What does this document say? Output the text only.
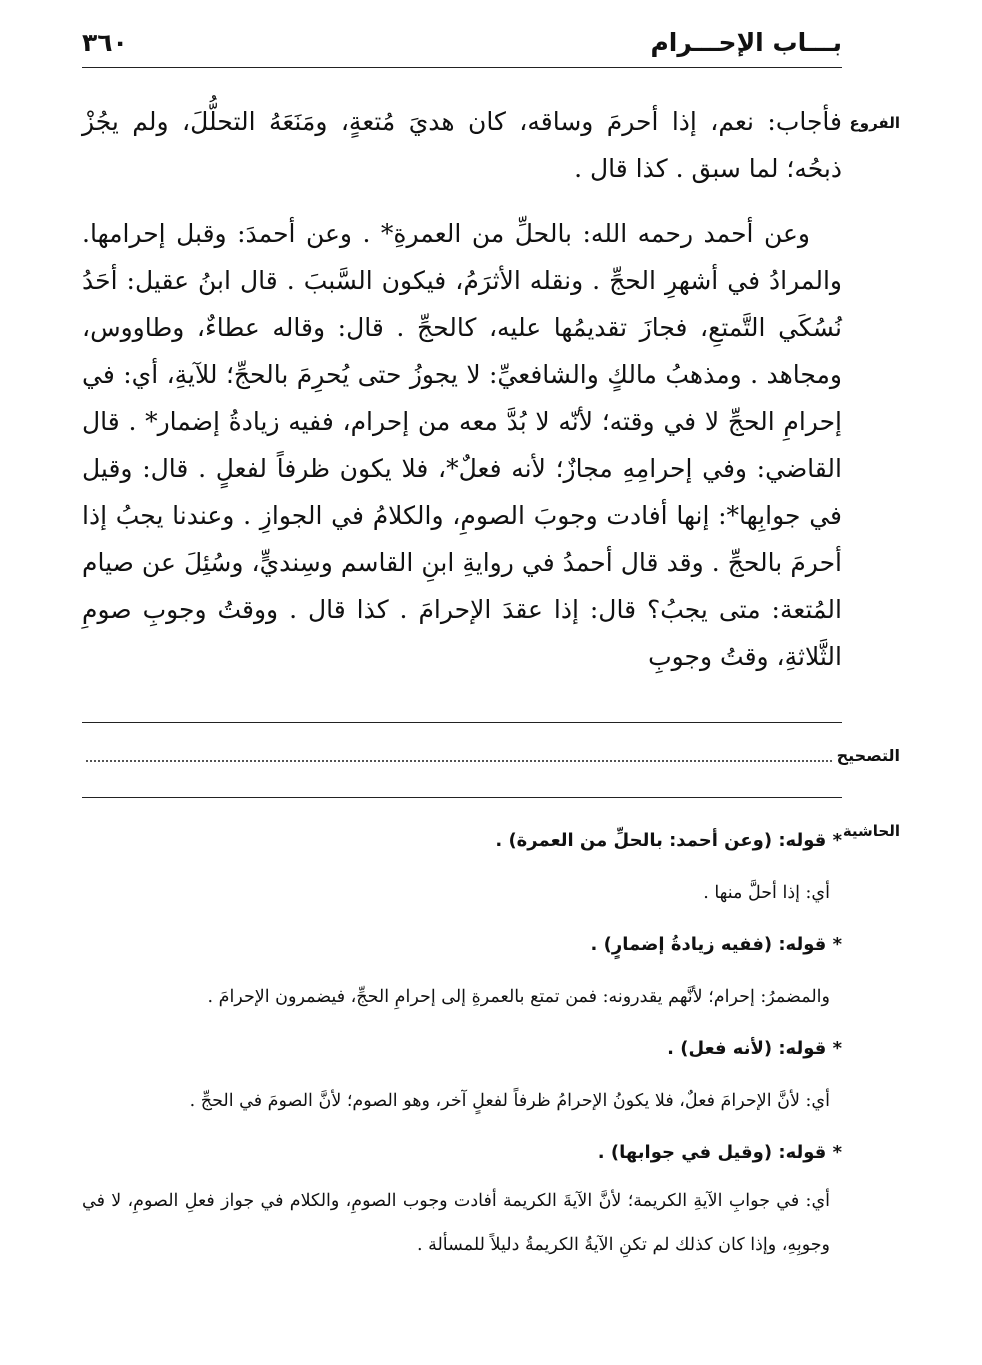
بـــاب الإحـــرام
٣٦٠
الفروع

فأجاب: نعم، إذا أحرمَ وساقه، كان هديَ مُتعةٍ، ومَنَعَهُ التحلُّلَ، ولم يجُزْ ذبحُه؛ لما سبق . كذا قال .

وعن أحمد رحمه الله: بالحلِّ من العمرةِ* . وعن أحمدَ: وقبل إحرامها. والمرادُ في أشهرِ الحجِّ . ونقله الأثرَمُ، فيكون السَّببَ . قال ابنُ عقيل: أحَدُ نُسُكَي التَّمتعِ، فجازَ تقديمُها عليه، كالحجِّ . قال: وقاله عطاءٌ، وطاووس، ومجاهد . ومذهبُ مالكٍ والشافعيِّ: لا يجوزُ حتى يُحرِمَ بالحجِّ؛ للآيةِ، أي: في إحرامِ الحجِّ لا في وقته؛ لأنّه لا بُدَّ معه من إحرام، ففيه زيادةُ إضمار* . قال القاضي: وفي إحرامِهِ مجازٌ؛ لأنه فعلٌ*، فلا يكون ظرفاً لفعلٍ . قال: وقيل في جوابِها*: إنها أفادت وجوبَ الصومِ، والكلامُ في الجوازِ . وعندنا يجبُ إذا أحرمَ بالحجِّ . وقد قال أحمدُ في روايةِ ابنِ القاسم وسِنديٍّ، وسُئِلَ عن صيام المُتعة: متى يجبُ؟ قال: إذا عقدَ الإحرامَ . كذا قال . ووقتُ وجوبِ صومِ الثَّلاثةِ، وقتُ وجوبِ

التصحيح
الحاشية
* قوله: (وعن أحمد: بالحلِّ من العمرة) .
أي: إذا أحلَّ منها .
* قوله: (ففيه زيادةُ إضمارٍ) .
والمضمرُ: إحرام؛ لأنَّهم يقدرونه: فمن تمتع بالعمرةِ إلى إحرامِ الحجِّ، فيضمرون الإحرامَ .
* قوله: (لأنه فعل) .
أي: لأنَّ الإحرامَ فعلٌ، فلا يكونُ الإحرامُ ظرفاً لفعلٍ آخر، وهو الصوم؛ لأنَّ الصومَ في الحجِّ .
* قوله: (وقيل في جوابها) .
أي: في جوابِ الآيةِ الكريمة؛ لأنَّ الآيةَ الكريمة أفادت وجوب الصومِ، والكلام في جواز فعلِ الصومِ، لا في وجوبِهِ، وإذا كان كذلك لم تكنِ الآيةُ الكريمةُ دليلاً للمسألة .
